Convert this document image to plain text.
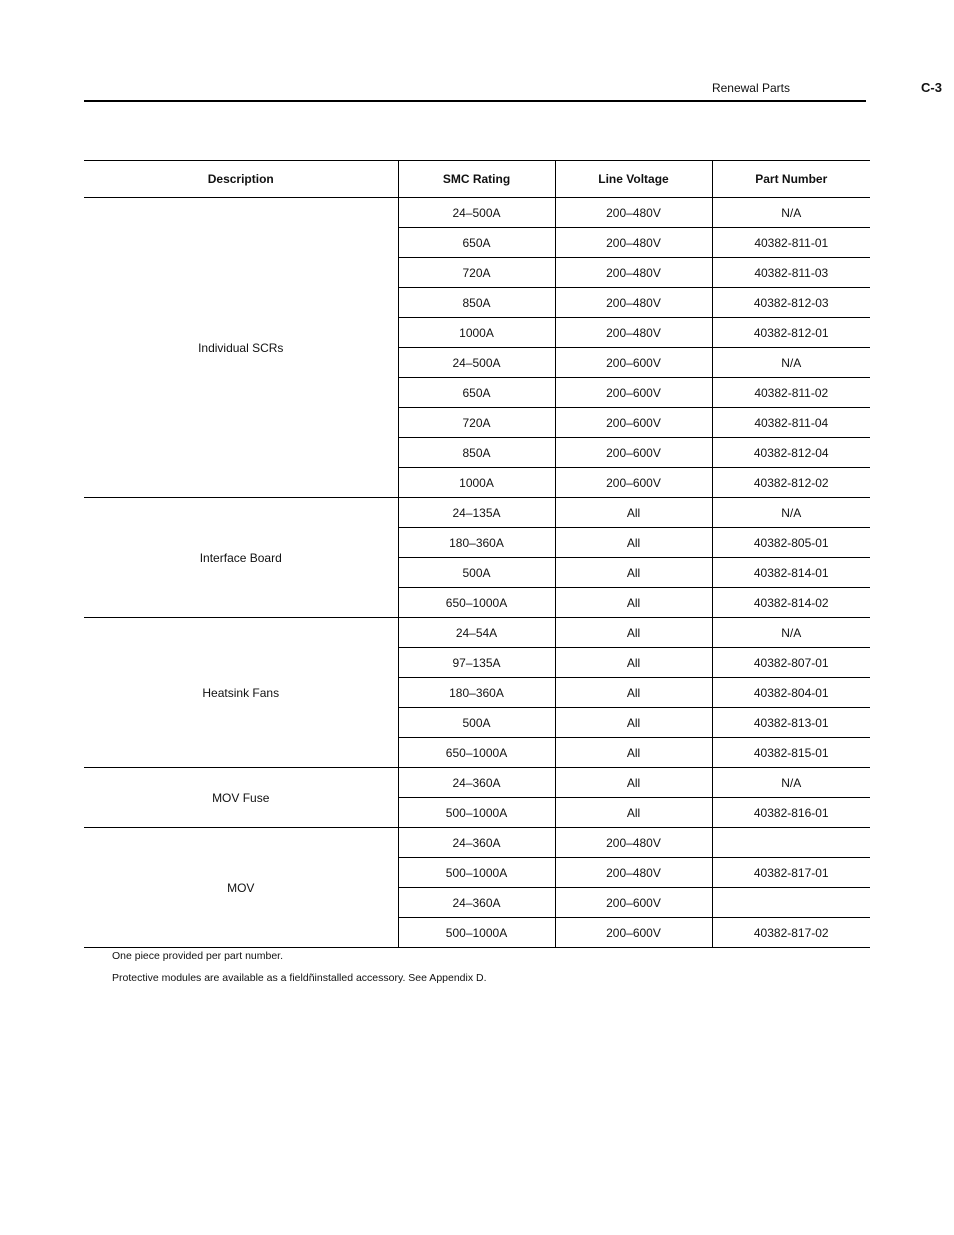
Renewal Parts	C-3
Description	SMC Rating	Line Voltage	Part Number
Individual SCRs	24–500A	200–480V	N/A
	650A	200–480V	40382-811-01
	720A	200–480V	40382-811-03
	850A	200–480V	40382-812-03
	1000A	200–480V	40382-812-01
	24–500A	200–600V	N/A
	650A	200–600V	40382-811-02
	720A	200–600V	40382-811-04
	850A	200–600V	40382-812-04
	1000A	200–600V	40382-812-02
Interface Board	24–135A	All	N/A
	180–360A	All	40382-805-01
	500A	All	40382-814-01
	650–1000A	All	40382-814-02
Heatsink Fans	24–54A	All	N/A
	97–135A	All	40382-807-01
	180–360A	All	40382-804-01
	500A	All	40382-813-01
	650–1000A	All	40382-815-01
MOV Fuse	24–360A	All	N/A
	500–1000A	All	40382-816-01
MOV	24–360A	200–480V	
	500–1000A	200–480V	40382-817-01
	24–360A	200–600V	
	500–1000A	200–600V	40382-817-02
One piece provided per part number.
Protective modules are available as a fieldñinstalled accessory. See Appendix D.
